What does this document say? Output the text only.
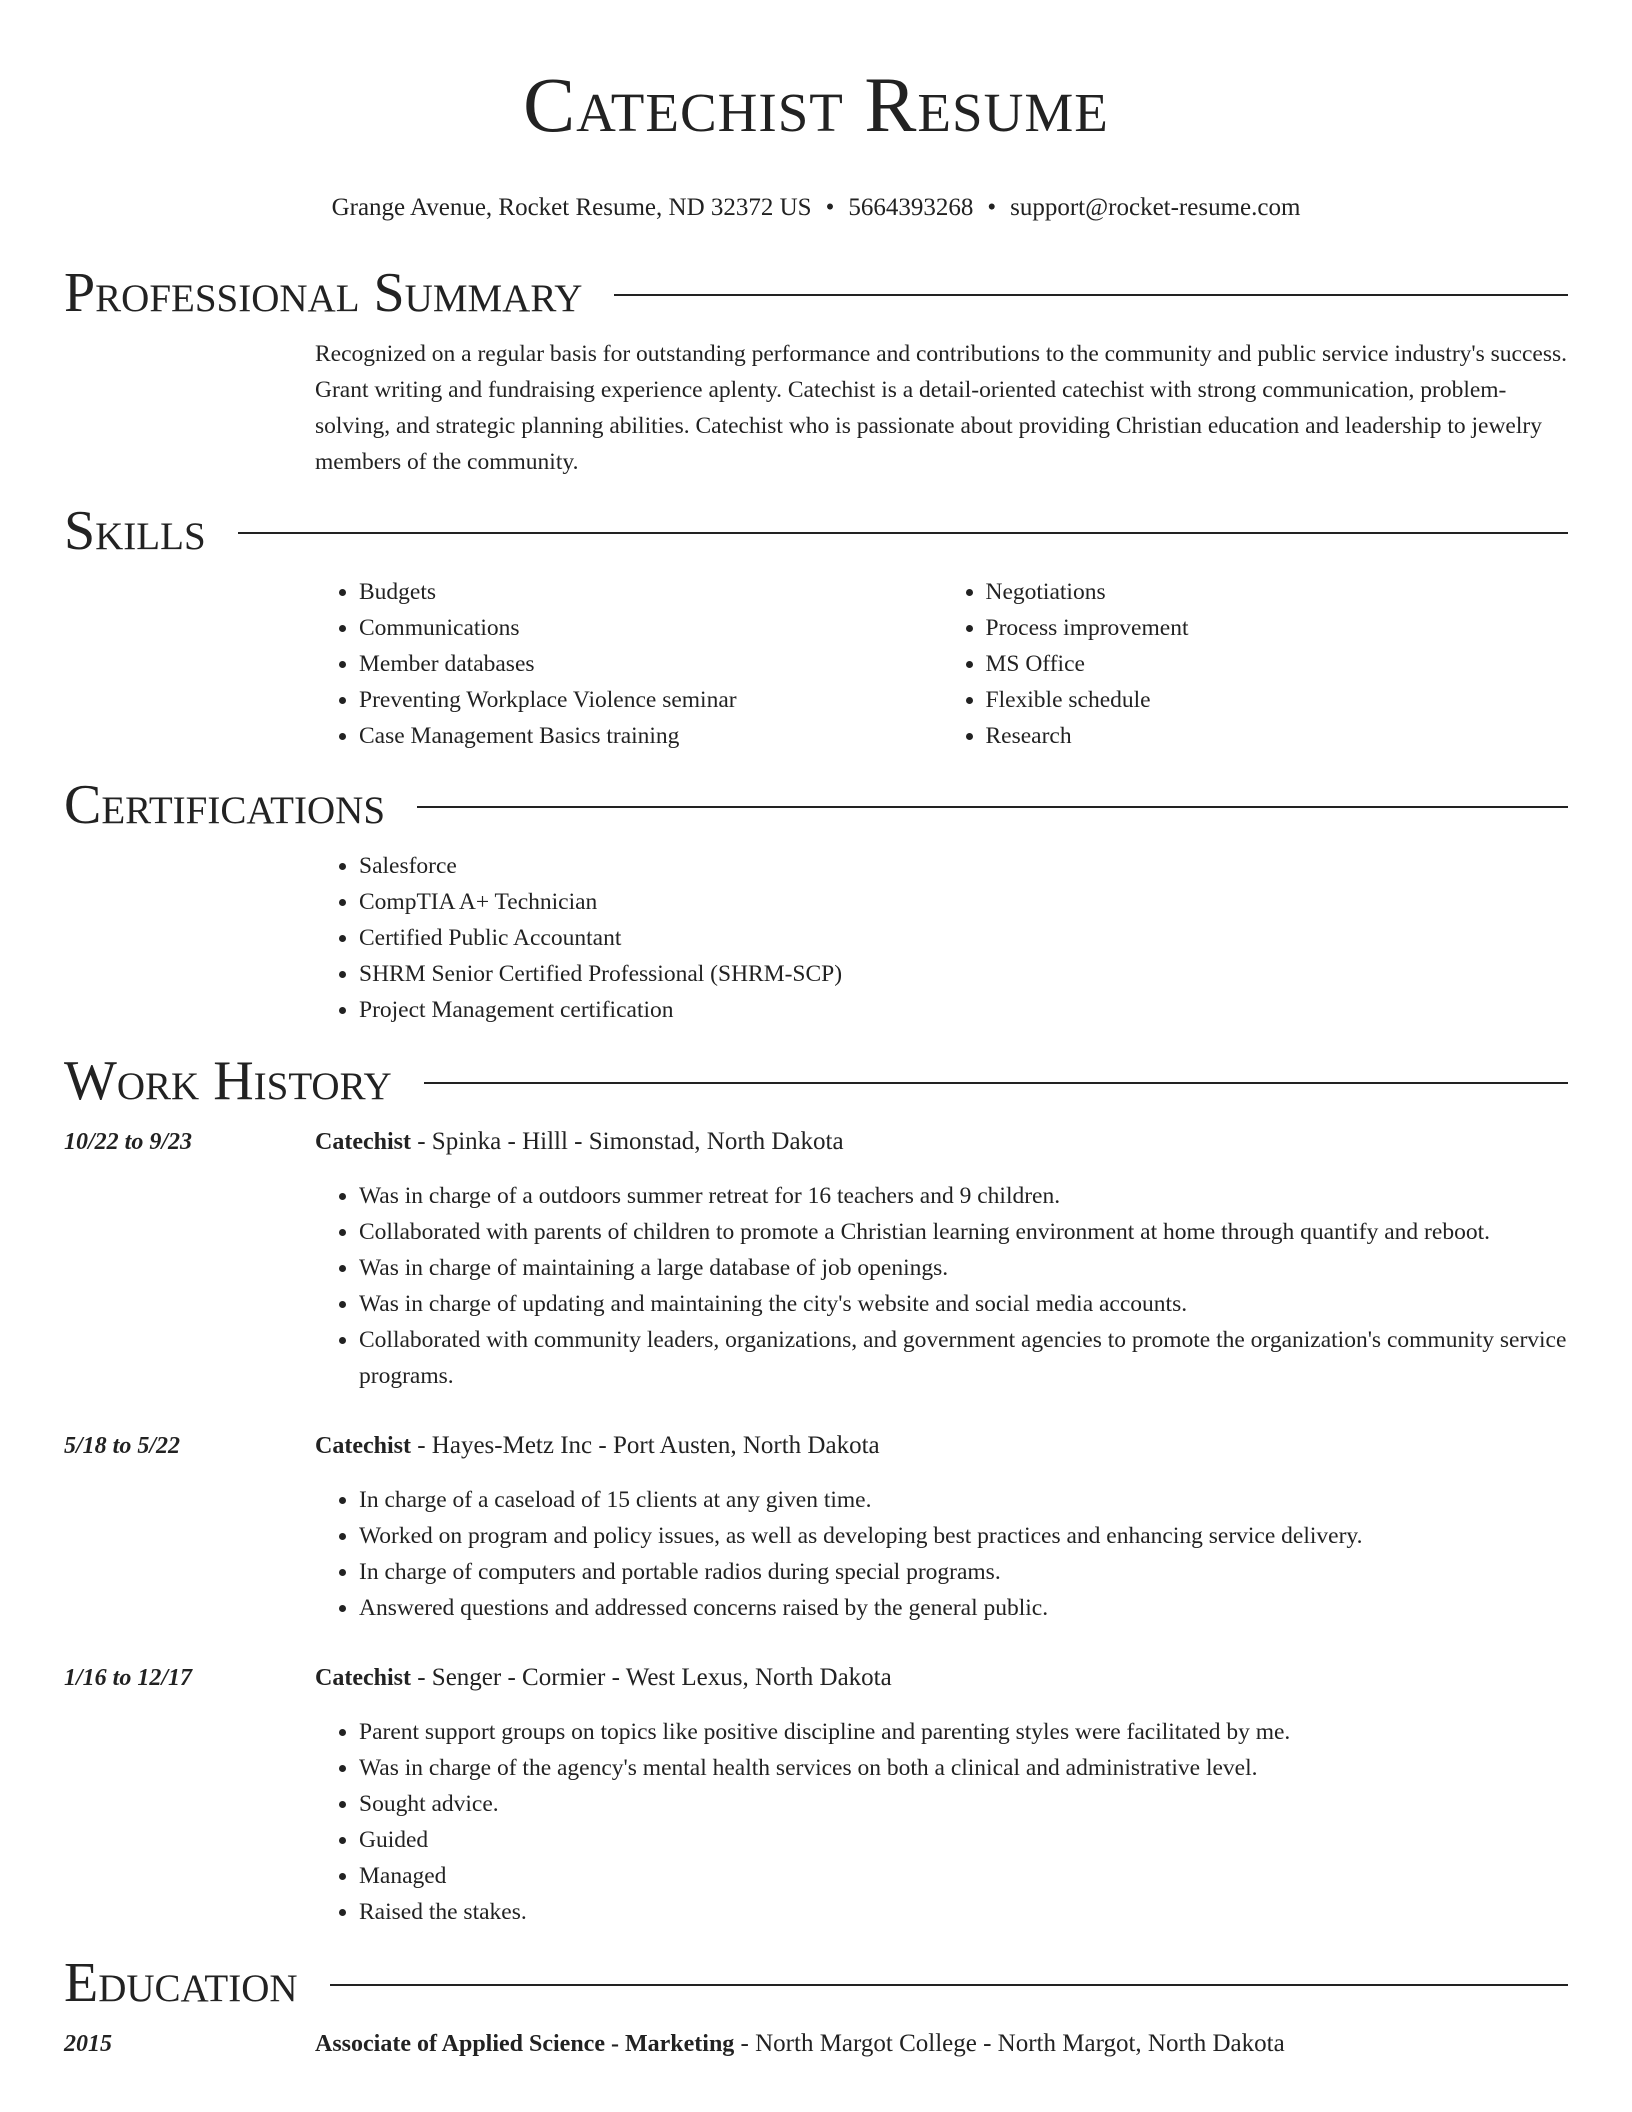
Catechist Resume
Grange Avenue, Rocket Resume, ND 32372 US • 5664393268 • support@rocket-resume.com
Professional Summary

Recognized on a regular basis for outstanding performance and contributions to the community and public service industry's success. Grant writing and fundraising experience aplenty. Catechist is a detail-oriented catechist with strong communication, problem-solving, and strategic planning abilities. Catechist who is passionate about providing Christian education and leadership to jewelry members of the community.

Skills
• Budgets
• Communications
• Member databases
• Preventing Workplace Violence seminar
• Case Management Basics training
• Negotiations
• Process improvement
• MS Office
• Flexible schedule
• Research
Certifications
• Salesforce
• CompTIA A+ Technician
• Certified Public Accountant
• SHRM Senior Certified Professional (SHRM-SCP)
• Project Management certification
Work History
10/22 to 9/23	Catechist - Spinka - Hilll - Simonstad, North Dakota
• Was in charge of a outdoors summer retreat for 16 teachers and 9 children.
• Collaborated with parents of children to promote a Christian learning environment at home through quantify and reboot.
• Was in charge of maintaining a large database of job openings.
• Was in charge of updating and maintaining the city's website and social media accounts.
• Collaborated with community leaders, organizations, and government agencies to promote the organization's community service programs.
5/18 to 5/22	Catechist - Hayes-Metz Inc - Port Austen, North Dakota
• In charge of a caseload of 15 clients at any given time.
• Worked on program and policy issues, as well as developing best practices and enhancing service delivery.
• In charge of computers and portable radios during special programs.
• Answered questions and addressed concerns raised by the general public.
1/16 to 12/17	Catechist - Senger - Cormier - West Lexus, North Dakota
• Parent support groups on topics like positive discipline and parenting styles were facilitated by me.
• Was in charge of the agency's mental health services on both a clinical and administrative level.
• Sought advice.
• Guided
• Managed
• Raised the stakes.
Education
2015	Associate of Applied Science - Marketing - North Margot College - North Margot, North Dakota
